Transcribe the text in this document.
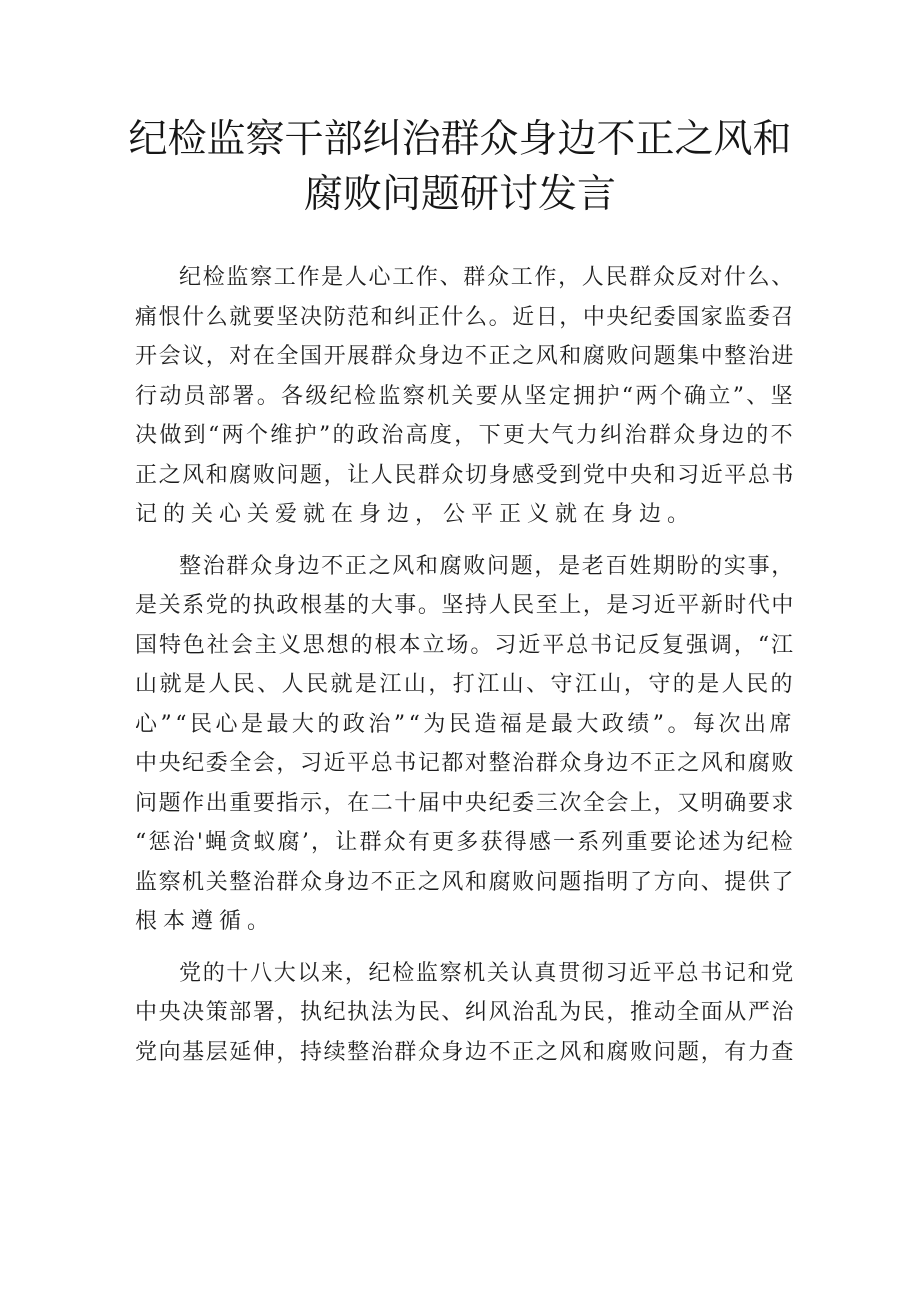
纪检监察干部纠治群众身边不正之风和
腐败问题研讨发言
纪检监察工作是人心工作、群众工作，人民群众反对什么、
痛恨什么就要坚决防范和纠正什么。近日，中央纪委国家监委召
开会议，对在全国开展群众身边不正之风和腐败问题集中整治进
行动员部署。各级纪检监察机关要从坚定拥护“两个确立”、坚
决做到“两个维护”的政治高度，下更大气力纠治群众身边的不
正之风和腐败问题，让人民群众切身感受到党中央和习近平总书
记的关心关爱就在身边，公平正义就在身边。
整治群众身边不正之风和腐败问题，是老百姓期盼的实事，
是关系党的执政根基的大事。坚持人民至上，是习近平新时代中
国特色社会主义思想的根本立场。习近平总书记反复强调，“江
山就是人民、人民就是江山，打江山、守江山，守的是人民的
心”“民心是最大的政治”“为民造福是最大政绩”。每次出席
中央纪委全会，习近平总书记都对整治群众身边不正之风和腐败
问题作出重要指示，在二十届中央纪委三次全会上，又明确要求
“惩治'蝇贪蚁腐’，让群众有更多获得感一系列重要论述为纪检
监察机关整治群众身边不正之风和腐败问题指明了方向、提供了
根本遵循。
党的十八大以来，纪检监察机关认真贯彻习近平总书记和党
中央决策部署，执纪执法为民、纠风治乱为民，推动全面从严治
党向基层延伸，持续整治群众身边不正之风和腐败问题，有力查
